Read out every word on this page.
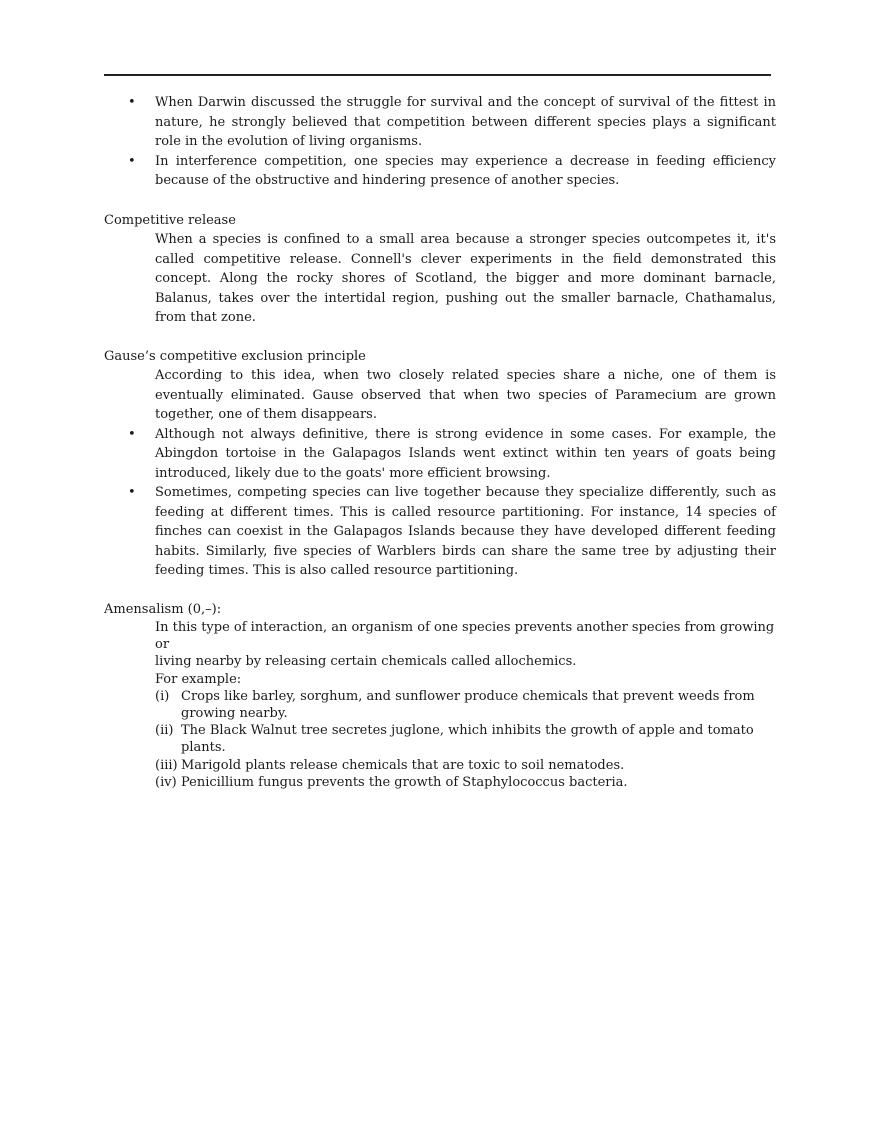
• When Darwin discussed the struggle for survival and the concept of survival of the fittest in nature, he strongly believed that competition between different species plays a significant role in the evolution of living organisms.
• In interference competition, one species may experience a decrease in feeding efficiency because of the obstructive and hindering presence of another species.
Competitive release
When a species is confined to a small area because a stronger species outcompetes it, it's called competitive release. Connell's clever experiments in the field demonstrated this concept. Along the rocky shores of Scotland, the bigger and more dominant barnacle, Balanus, takes over the intertidal region, pushing out the smaller barnacle, Chathamalus, from that zone.
Gause’s competitive exclusion principle
According to this idea, when two closely related species share a niche, one of them is eventually eliminated. Gause observed that when two species of Paramecium are grown together, one of them disappears.
• Although not always definitive, there is strong evidence in some cases. For example, the Abingdon tortoise in the Galapagos Islands went extinct within ten years of goats being introduced, likely due to the goats' more efficient browsing.
• Sometimes, competing species can live together because they specialize differently, such as feeding at different times. This is called resource partitioning. For instance, 14 species of finches can coexist in the Galapagos Islands because they have developed different feeding habits. Similarly, five species of Warblers birds can share the same tree by adjusting their feeding times. This is also called resource partitioning.
Amensalism (0,–):

In this type of interaction, an organism of one species prevents another species from growing or

living nearby by releasing certain chemicals called allochemics.

For example:

(i) Crops like barley, sorghum, and sunflower produce chemicals that prevent weeds from growing nearby.
(ii) The Black Walnut tree secretes juglone, which inhibits the growth of apple and tomato plants.
(iii) Marigold plants release chemicals that are toxic to soil nematodes.
(iv) Penicillium fungus prevents the growth of Staphylococcus bacteria.
